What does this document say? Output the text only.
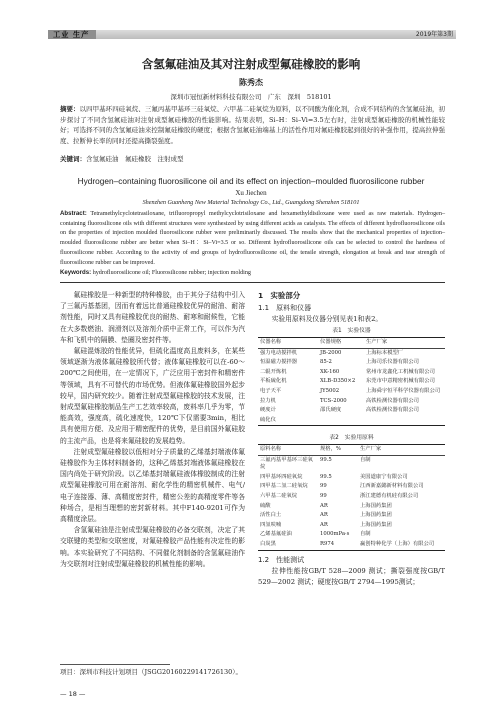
工业 生产	2019年第3期
含氢氟硅油及其对注射成型氟硅橡胶的影响
陈秀杰
深圳市冠恒新材料科技有限公司　广东　深圳　518101
摘要：以四甲基环四硅氧烷、三氟丙基甲基环三硅氧烷、六甲基二硅氧烷为原料，以不同酸为催化剂，合成不同结构的含氢氟硅油，初步探讨了不同含氢氟硅油对注射成型氟硅橡胶的性能影响。结果表明，Si–H：Si–Vi=3.5左右时，注射成型氟硅橡胶的机械性能较好；可选择不同的含氢氟硅油来控制氟硅橡胶的硬度；根据含氢氟硅油端基上的活性作用对氟硅橡胶起到很好的补强作用，提高拉伸强度、拉断伸长率的同时还提高撕裂强度。
关键词：含氢氟硅油　氟硅橡胶　注射成型
Hydrogen–containing fluorosilicone oil and its effect on injection–moulded fluorosilicone rubber
Xu Jiechen
Shenzhen Guanheng New Material Technology Co., Ltd., Guangdong Shenzhen 518101
Abstract: Tetramethylcyclotetrasiloxane, trifluoropropyl methylcyclotrisiloxane and hexamethyldisiloxane were used as raw materials. Hydrogen–containing fluorosilicone oils with different structures were synthesized by using different acids as catalysts. The effects of different hydrofluorosilicone oils on the properties of injection moulded fluorosilicone rubber were preliminarily discussed. The results show that the mechanical properties of injection–moulded fluorosilicone rubber are better when Si–H：Si–Vi=3.5 or so. Different hydrofluorosilicone oils can be selected to control the hardness of fluorosilicone rubber. According to the activity of end groups of hydrofluorosilicone oil, the tensile strength, elongation at break and tear strength of fluorosilicone rubber can be improved.
Keywords: hydrofluorosilicone oil; Fluorosilicone rubber; injection molding

氟硅橡胶是一种新型的特种橡胶，由于其分子结构中引入了三氟丙基基团，因而有着远比普通硅橡胶优异的耐油、耐溶剂性能，同时又具有硅橡胶优良的耐热、耐寒和耐候性，它能在大多数燃油、润滑剂以及溶剂介质中正常工作，可以作为汽车和飞机中的隔膜、垫圈及密封件等。

氟硅混炼胶的性能优异，但硫化温度高且废料多，在某些领域逐渐为液体氟硅橡胶所代替；液体氟硅橡胶可以在-60～200℃之间使用，在一定情况下，广泛应用于密封件和精密件等领域，具有不可替代的市场优势。但液体氟硅橡胶国外起步较早，国内研究较少。随着注射成型氟硅橡胶的技术发展，注射成型氟硅橡胶制品生产工艺效率较高，废料率几乎为零，节能高效，强度高，硫化速度快，120℃下仅需要3min，相比具有使用方便、及应用于精密配件的优势，是目前国外氟硅胶的主流产品，也是将来氟硅胶的发展趋势。

注射成型氟硅橡胶以低相对分子质量的乙烯基封端液体氟硅橡胶作为主体材料制备的，这种乙烯基封端液体氟硅橡胶在国内尚处于研究阶段。以乙烯基封端氟硅液体橡胶制成的注射成型氟硅橡胶可用在耐溶剂、耐化学性的精密机械件、电气/电子连接器、薄、高精度密封件，精密公差的高精度零件等各种场合，是相当理想的密封新材料。其中F140-9201可作为高精度涂层。

含氢氟硅油是注射成型氟硅橡胶的必备交联剂，决定了其交联键的类型和交联密度，对氟硅橡胶产品性能有决定性的影响。本实验研究了不同结构、不同催化剂制备的含氢氟硅油作为交联剂对注射成型氟硅橡胶的机械性能的影响。

1　实验部分
1.1　原料和仪器
实验用原料及仪器分别见表1和表2。
表1　实验仪器
仪器名称	仪器规格	生产厂家
强力电动搅拌机	JB-2000	上海标本模型厂
恒温磁力搅拌器	85-2	上海司乐仪器有限公司
二辊开炼机	XK-160	常州市龙鑫化工机械有限公司
平板硫化机	XLB-D350×2	东莞市中意精密机械有限公司
电子天平	JY5002	上海舜宇恒平科学仪器有限公司
拉力机	TCS-2000	高铁检测仪器有限公司
硬度计	邵氏硬度	高铁检测仪器有限公司
硫化仪		
表2　实验用原料
原料名称	规格，%	生产厂家
三氟丙基甲基环三硅氧烷	99.5	自制
四甲基环四硅氧烷	99.5	美国道康宁有限公司
四甲基二氢二硅氧烷	99	江西新嘉懿新材料有限公司
六甲基二硅氧烷	99	浙江建德有机硅有限公司
硫酸	AR	上海国药集团
活性白土	AR	上海国药集团
四氢呋喃	AR	上海国药集团
乙烯基氟硅油	1000mPa·s	自制
白炭黑	R974	赢创特种化学（上海）有限公司
1.2　性能测试
拉伸性能按GB/T 528—2009 测试；撕裂强度按GB/T 529—2002 测试；硬度按GB/T 2794—1995测试；
项目：深圳市科技计划项目（JSGG20160229141726130）。
— 18 —
